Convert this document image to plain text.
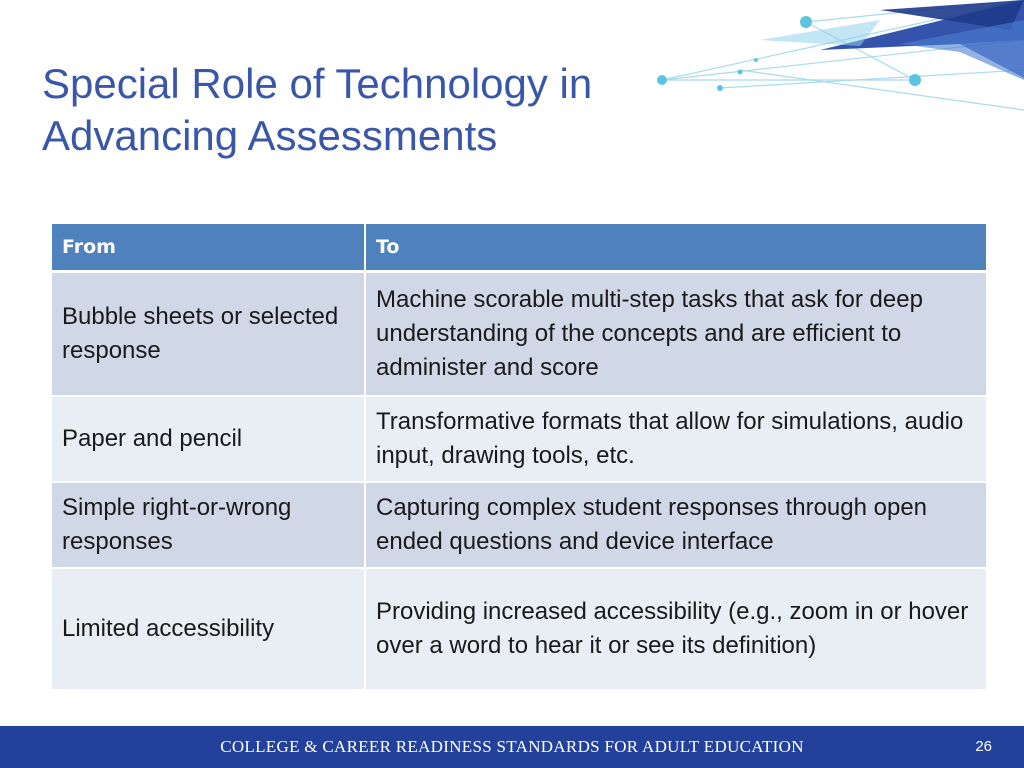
Special Role of Technology in
Advancing Assessments
From	To
Bubble sheets or selected response	Machine scorable multi-step tasks that ask for deep understanding of the concepts and are efficient to administer and score
Paper and pencil	Transformative formats that allow for simulations, audio input, drawing tools, etc.
Simple right-or-wrong responses	Capturing complex student responses through open ended questions and device interface
Limited accessibility	Providing increased accessibility (e.g., zoom in or hover over a word to hear it or see its definition)
COLLEGE & CAREER READINESS STANDARDS FOR ADULT EDUCATION	26
